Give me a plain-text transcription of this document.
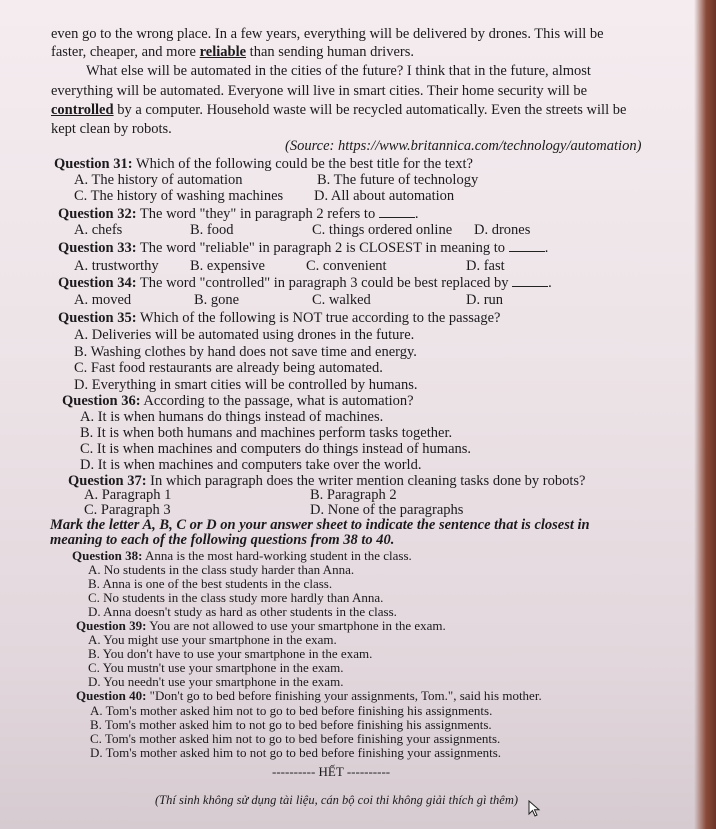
even go to the wrong place. In a few years, everything will be delivered by drones. This will be
faster, cheaper, and more reliable than sending human drivers.
What else will be automated in the cities of the future? I think that in the future, almost
everything will be automated. Everyone will live in smart cities. Their home security will be
controlled by a computer. Household waste will be recycled automatically. Even the streets will be
kept clean by robots.
(Source: https://www.britannica.com/technology/automation)
Question 31: Which of the following could be the best title for the text?
A. The history of automation	B. The future of technology
C. The history of washing machines D. All about automation
Question 32: The word "they" in paragraph 2 refers to	.
A. chefs	B. food	C. things ordered online D. drones
Question 33: The word "reliable" in paragraph 2 is CLOSEST in meaning to	.
A. trustworthy B. expensive	C. convenient	D. fast
Question 34: The word "controlled" in paragraph 3 could be best replaced by	.
A. moved	B. gone	C. walked	D. run
Question 35: Which of the following is NOT true according to the passage?
A. Deliveries will be automated using drones in the future.
B. Washing clothes by hand does not save time and energy.
C. Fast food restaurants are already being automated.
D. Everything in smart cities will be controlled by humans.
Question 36: According to the passage, what is automation?
A. It is when humans do things instead of machines.
B. It is when both humans and machines perform tasks together.
C. It is when machines and computers do things instead of humans.
D. It is when machines and computers take over the world.
Question 37: In which paragraph does the writer mention cleaning tasks done by robots?
A. Paragraph 1	B. Paragraph 2
C. Paragraph 3	D. None of the paragraphs
Mark the letter A, B, C or D on your answer sheet to indicate the sentence that is closest in
meaning to each of the following questions from 38 to 40.
Question 38: Anna is the most hard-working student in the class.
A. No students in the class study harder than Anna.
B. Anna is one of the best students in the class.
C. No students in the class study more hardly than Anna.
D. Anna doesn't study as hard as other students in the class.
Question 39: You are not allowed to use your smartphone in the exam.
A. You might use your smartphone in the exam.
B. You don't have to use your smartphone in the exam.
C. You mustn't use your smartphone in the exam.
D. You needn't use your smartphone in the exam.
Question 40: "Don't go to bed before finishing your assignments, Tom.", said his mother.
A. Tom's mother asked him not to go to bed before finishing his assignments.
B. Tom's mother asked him to not go to bed before finishing his assignments.
C. Tom's mother asked him not to go to bed before finishing your assignments.
D. Tom's mother asked him to not go to bed before finishing your assignments.
---------- HẾT ----------
(Thí sinh không sử dụng tài liệu, cán bộ coi thi không giải thích gì thêm)
